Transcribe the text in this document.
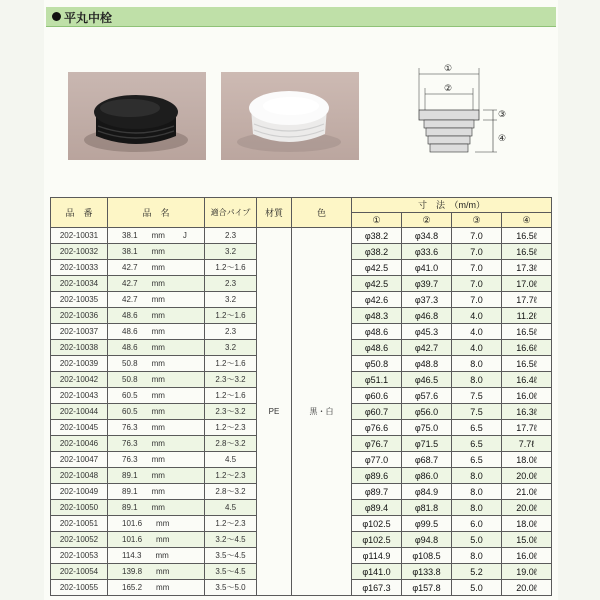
平丸中栓
①
②
③
④
品　番	品　名	適合パイプ	材質	色	寸　法　（m/m）			
					①	②	③	④
202-10031	38.1 mm J	2.3	PE	黒・白	φ38.2	φ34.8	7.0	16.5ℓ
202-10032	38.1 mm	3.2			φ38.2	φ33.6	7.0	16.5ℓ
202-10033	42.7 mm	1.2～1.6			φ42.5	φ41.0	7.0	17.3ℓ
202-10034	42.7 mm	2.3			φ42.5	φ39.7	7.0	17.0ℓ
202-10035	42.7 mm	3.2			φ42.6	φ37.3	7.0	17.7ℓ
202-10036	48.6 mm	1.2～1.6			φ48.3	φ46.8	4.0	11.2ℓ
202-10037	48.6 mm	2.3			φ48.6	φ45.3	4.0	16.5ℓ
202-10038	48.6 mm	3.2			φ48.6	φ42.7	4.0	16.6ℓ
202-10039	50.8 mm	1.2～1.6			φ50.8	φ48.8	8.0	16.5ℓ
202-10042	50.8 mm	2.3～3.2			φ51.1	φ46.5	8.0	16.4ℓ
202-10043	60.5 mm	1.2～1.6			φ60.6	φ57.6	7.5	16.0ℓ
202-10044	60.5 mm	2.3～3.2			φ60.7	φ56.0	7.5	16.3ℓ
202-10045	76.3 mm	1.2～2.3			φ76.6	φ75.0	6.5	17.7ℓ
202-10046	76.3 mm	2.8～3.2			φ76.7	φ71.5	6.5	7.7ℓ
202-10047	76.3 mm	4.5			φ77.0	φ68.7	6.5	18.0ℓ
202-10048	89.1 mm	1.2～2.3			φ89.6	φ86.0	8.0	20.0ℓ
202-10049	89.1 mm	2.8～3.2			φ89.7	φ84.9	8.0	21.0ℓ
202-10050	89.1 mm	4.5			φ89.4	φ81.8	8.0	20.0ℓ
202-10051	101.6 mm	1.2～2.3			φ102.5	φ99.5	6.0	18.0ℓ
202-10052	101.6 mm	3.2～4.5			φ102.5	φ94.8	5.0	15.0ℓ
202-10053	114.3 mm	3.5～4.5			φ114.9	φ108.5	8.0	16.0ℓ
202-10054	139.8 mm	3.5～4.5			φ141.0	φ133.8	5.2	19.0ℓ
202-10055	165.2 mm	3.5～5.0			φ167.3	φ157.8	5.0	20.0ℓ
